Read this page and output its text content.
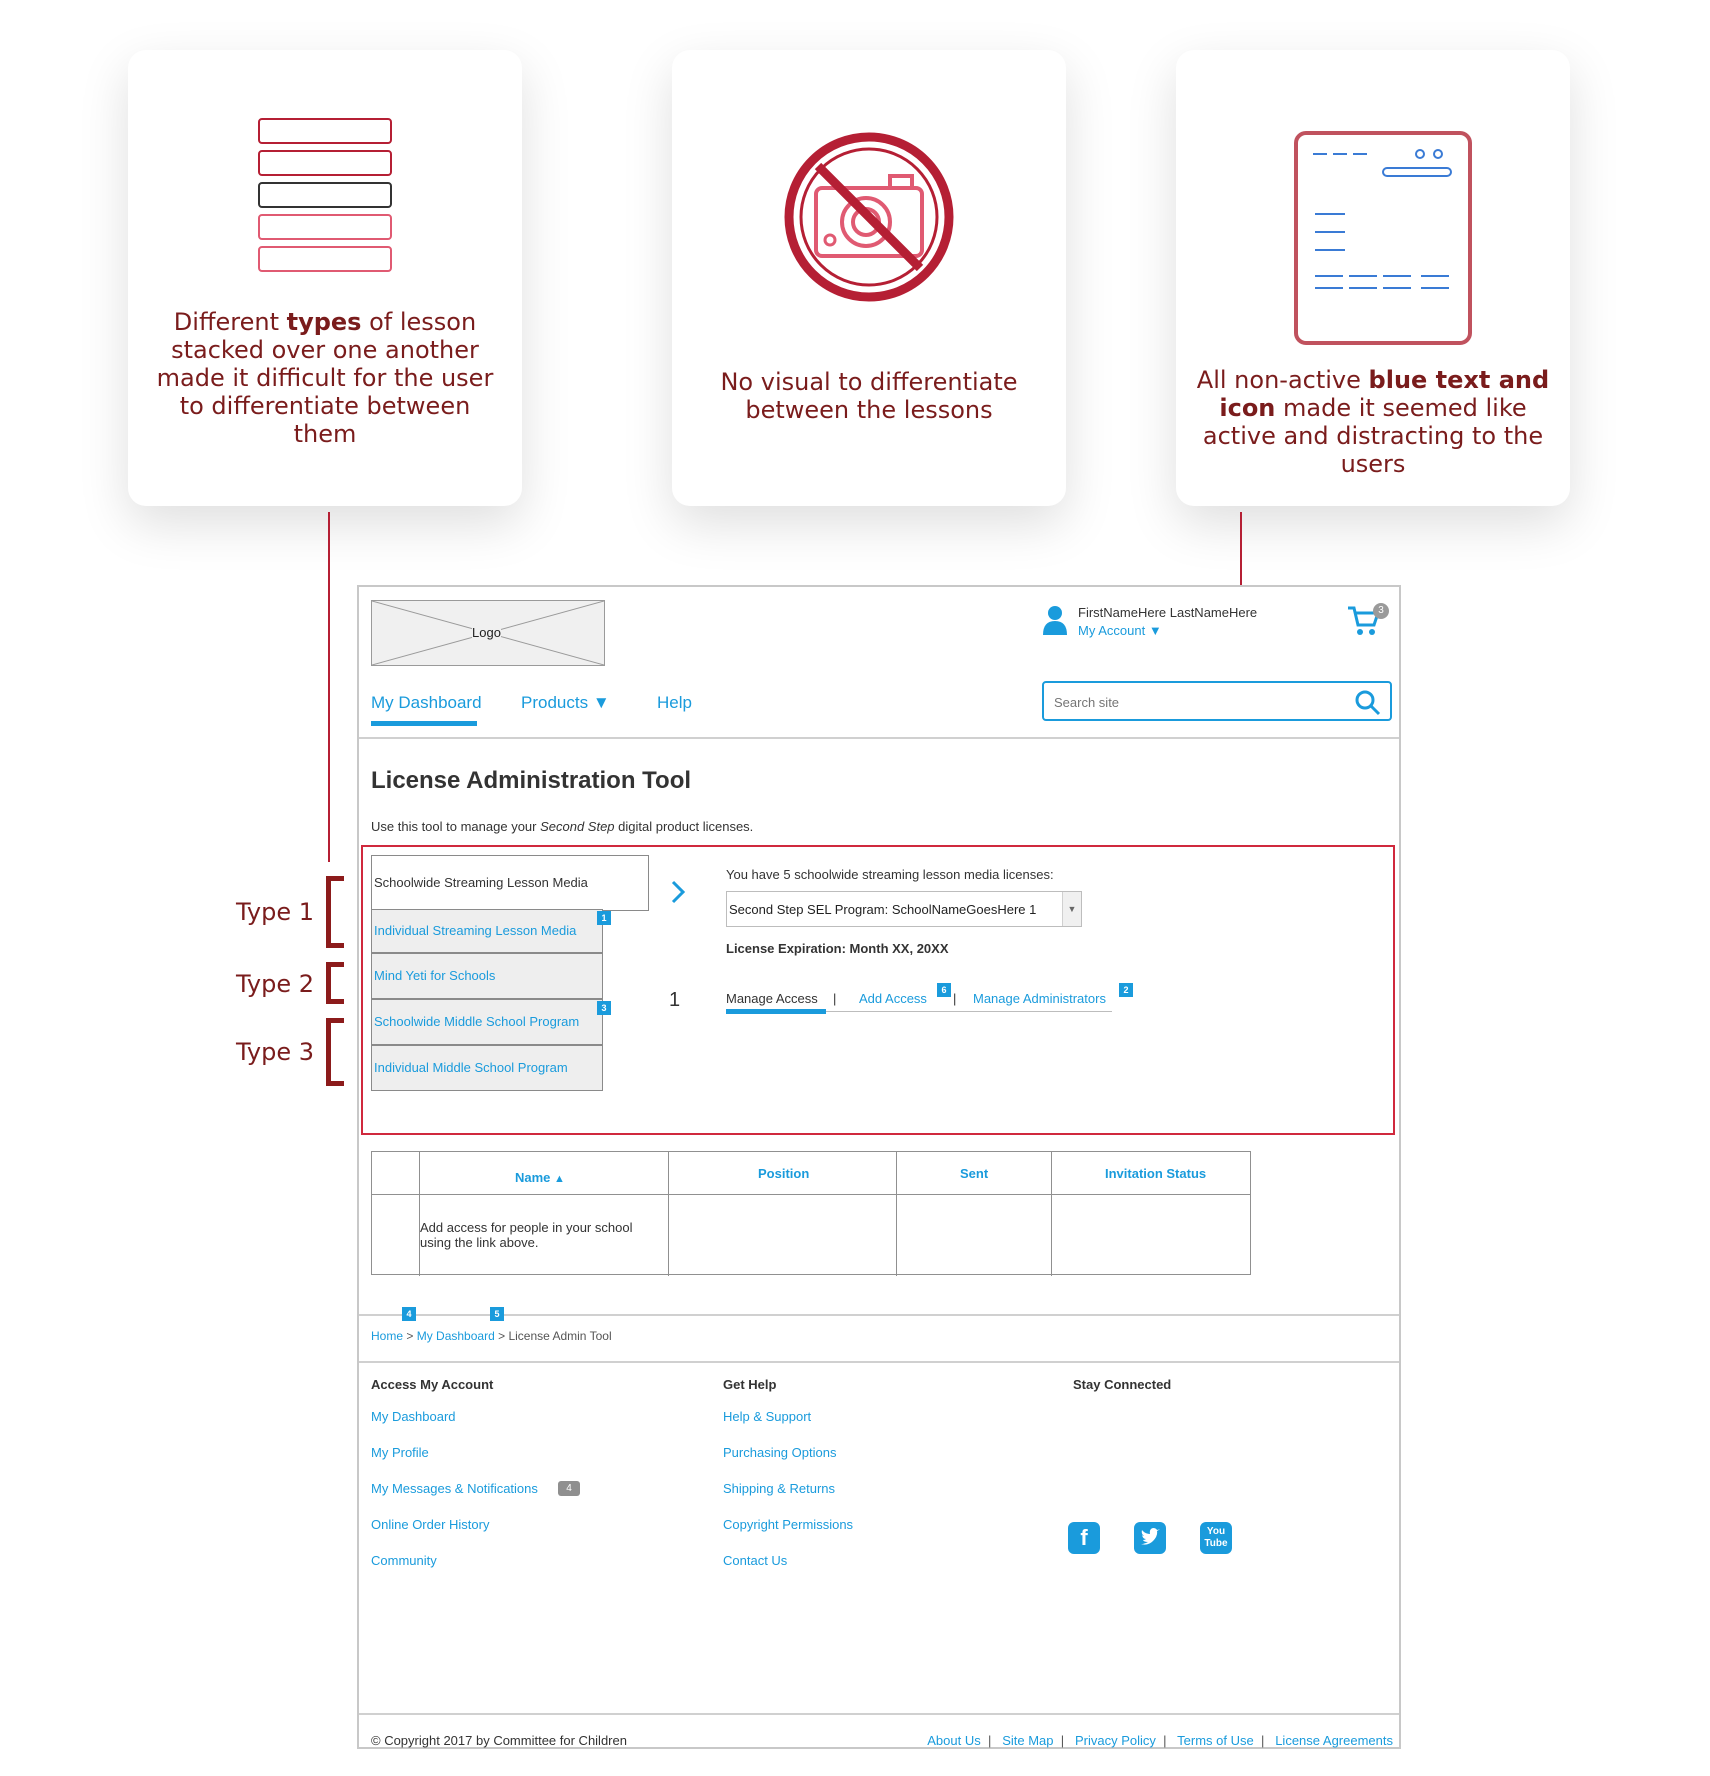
Different types of lesson stacked over one another made it difficult for the user to differentiate between them
No visual to differentiate between the lessons
All non-active blue text and icon made it seemed like active and distracting to the users
Type 1
Type 2
Type 3
Logo
FirstNameHere LastNameHere
My Account ▼
3
My Dashboard Products ▼	Help
Search site
License Administration Tool
Use this tool to manage your Second Step digital product licenses.
Schoolwide Streaming Lesson Media
Individual Streaming Lesson Media
Mind Yeti for Schools
Schoolwide Middle School Program
Individual Middle School Program
1
3	1
You have 5 schoolwide streaming lesson media licenses:
Second Step SEL Program: SchoolNameGoesHere 1	▼
License Expiration: Month XX, 20XX
Manage Access | Add Access
6
| Manage Administrators
2
Name ▲	Position	Sent	Invitation Status
Add access for people in your school using the link above.
4	5
Home > My Dashboard > License Admin Tool
Access My Account
My Dashboard
My Profile
My Messages & Notifications	4
Online Order History
Community
Get Help
Help & Support
Purchasing Options
Shipping & Returns
Copyright Permissions
Contact Us
Stay Connected
© Copyright 2017 by Committee for Children	About Us  |   Site Map  |   Privacy Policy  |   Terms of Use  |   License Agreements
f	You Tube
